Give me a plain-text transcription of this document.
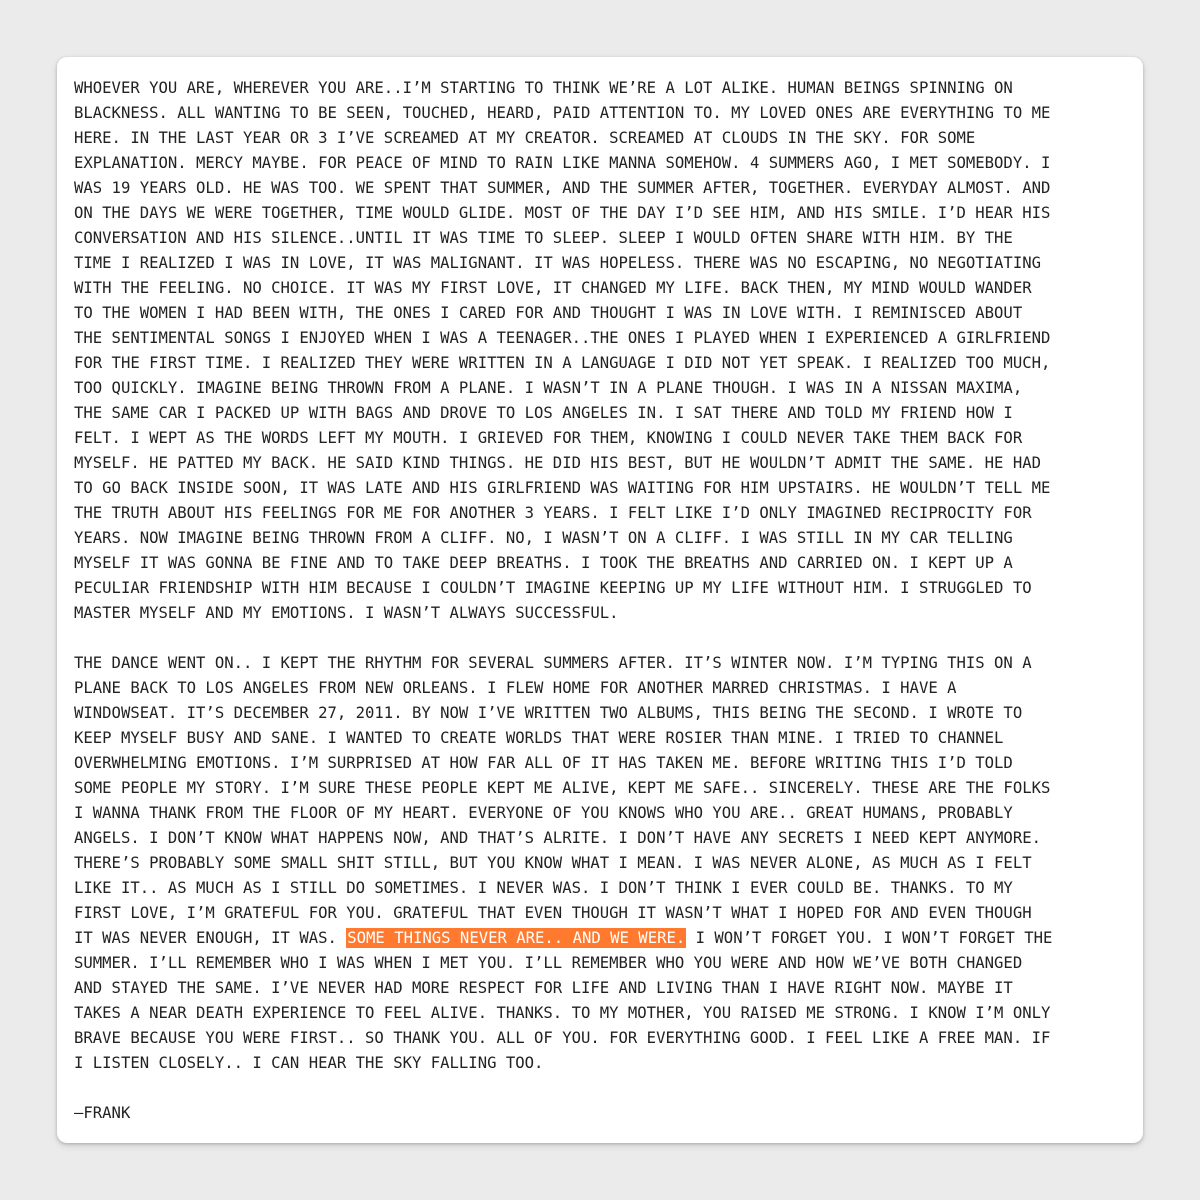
WHOEVER YOU ARE, WHEREVER YOU ARE..I’M STARTING TO THINK WE’RE A LOT ALIKE. HUMAN BEINGS SPINNING ON
BLACKNESS. ALL WANTING TO BE SEEN, TOUCHED, HEARD, PAID ATTENTION TO. MY LOVED ONES ARE EVERYTHING TO ME
HERE. IN THE LAST YEAR OR 3 I’VE SCREAMED AT MY CREATOR. SCREAMED AT CLOUDS IN THE SKY. FOR SOME
EXPLANATION. MERCY MAYBE. FOR PEACE OF MIND TO RAIN LIKE MANNA SOMEHOW. 4 SUMMERS AGO, I MET SOMEBODY. I
WAS 19 YEARS OLD. HE WAS TOO. WE SPENT THAT SUMMER, AND THE SUMMER AFTER, TOGETHER. EVERYDAY ALMOST. AND
ON THE DAYS WE WERE TOGETHER, TIME WOULD GLIDE. MOST OF THE DAY I’D SEE HIM, AND HIS SMILE. I’D HEAR HIS
CONVERSATION AND HIS SILENCE..UNTIL IT WAS TIME TO SLEEP. SLEEP I WOULD OFTEN SHARE WITH HIM. BY THE
TIME I REALIZED I WAS IN LOVE, IT WAS MALIGNANT. IT WAS HOPELESS. THERE WAS NO ESCAPING, NO NEGOTIATING
WITH THE FEELING. NO CHOICE. IT WAS MY FIRST LOVE, IT CHANGED MY LIFE. BACK THEN, MY MIND WOULD WANDER
TO THE WOMEN I HAD BEEN WITH, THE ONES I CARED FOR AND THOUGHT I WAS IN LOVE WITH. I REMINISCED ABOUT
THE SENTIMENTAL SONGS I ENJOYED WHEN I WAS A TEENAGER..THE ONES I PLAYED WHEN I EXPERIENCED A GIRLFRIEND
FOR THE FIRST TIME. I REALIZED THEY WERE WRITTEN IN A LANGUAGE I DID NOT YET SPEAK. I REALIZED TOO MUCH,
TOO QUICKLY. IMAGINE BEING THROWN FROM A PLANE. I WASN’T IN A PLANE THOUGH. I WAS IN A NISSAN MAXIMA,
THE SAME CAR I PACKED UP WITH BAGS AND DROVE TO LOS ANGELES IN. I SAT THERE AND TOLD MY FRIEND HOW I
FELT. I WEPT AS THE WORDS LEFT MY MOUTH. I GRIEVED FOR THEM, KNOWING I COULD NEVER TAKE THEM BACK FOR
MYSELF. HE PATTED MY BACK. HE SAID KIND THINGS. HE DID HIS BEST, BUT HE WOULDN’T ADMIT THE SAME. HE HAD
TO GO BACK INSIDE SOON, IT WAS LATE AND HIS GIRLFRIEND WAS WAITING FOR HIM UPSTAIRS. HE WOULDN’T TELL ME
THE TRUTH ABOUT HIS FEELINGS FOR ME FOR ANOTHER 3 YEARS. I FELT LIKE I’D ONLY IMAGINED RECIPROCITY FOR
YEARS. NOW IMAGINE BEING THROWN FROM A CLIFF. NO, I WASN’T ON A CLIFF. I WAS STILL IN MY CAR TELLING
MYSELF IT WAS GONNA BE FINE AND TO TAKE DEEP BREATHS. I TOOK THE BREATHS AND CARRIED ON. I KEPT UP A
PECULIAR FRIENDSHIP WITH HIM BECAUSE I COULDN’T IMAGINE KEEPING UP MY LIFE WITHOUT HIM. I STRUGGLED TO
MASTER MYSELF AND MY EMOTIONS. I WASN’T ALWAYS SUCCESSFUL.
THE DANCE WENT ON.. I KEPT THE RHYTHM FOR SEVERAL SUMMERS AFTER. IT’S WINTER NOW. I’M TYPING THIS ON A
PLANE BACK TO LOS ANGELES FROM NEW ORLEANS. I FLEW HOME FOR ANOTHER MARRED CHRISTMAS. I HAVE A
WINDOWSEAT. IT’S DECEMBER 27, 2011. BY NOW I’VE WRITTEN TWO ALBUMS, THIS BEING THE SECOND. I WROTE TO
KEEP MYSELF BUSY AND SANE. I WANTED TO CREATE WORLDS THAT WERE ROSIER THAN MINE. I TRIED TO CHANNEL
OVERWHELMING EMOTIONS. I’M SURPRISED AT HOW FAR ALL OF IT HAS TAKEN ME. BEFORE WRITING THIS I’D TOLD
SOME PEOPLE MY STORY. I’M SURE THESE PEOPLE KEPT ME ALIVE, KEPT ME SAFE.. SINCERELY. THESE ARE THE FOLKS
I WANNA THANK FROM THE FLOOR OF MY HEART. EVERYONE OF YOU KNOWS WHO YOU ARE.. GREAT HUMANS, PROBABLY
ANGELS. I DON’T KNOW WHAT HAPPENS NOW, AND THAT’S ALRITE. I DON’T HAVE ANY SECRETS I NEED KEPT ANYMORE.
THERE’S PROBABLY SOME SMALL SHIT STILL, BUT YOU KNOW WHAT I MEAN. I WAS NEVER ALONE, AS MUCH AS I FELT
LIKE IT.. AS MUCH AS I STILL DO SOMETIMES. I NEVER WAS. I DON’T THINK I EVER COULD BE. THANKS. TO MY
FIRST LOVE, I’M GRATEFUL FOR YOU. GRATEFUL THAT EVEN THOUGH IT WASN’T WHAT I HOPED FOR AND EVEN THOUGH
IT WAS NEVER ENOUGH, IT WAS. SOME THINGS NEVER ARE.. AND WE WERE. I WON’T FORGET YOU. I WON’T FORGET THE
SUMMER. I’LL REMEMBER WHO I WAS WHEN I MET YOU. I’LL REMEMBER WHO YOU WERE AND HOW WE’VE BOTH CHANGED
AND STAYED THE SAME. I’VE NEVER HAD MORE RESPECT FOR LIFE AND LIVING THAN I HAVE RIGHT NOW. MAYBE IT
TAKES A NEAR DEATH EXPERIENCE TO FEEL ALIVE. THANKS. TO MY MOTHER, YOU RAISED ME STRONG. I KNOW I’M ONLY
BRAVE BECAUSE YOU WERE FIRST.. SO THANK YOU. ALL OF YOU. FOR EVERYTHING GOOD. I FEEL LIKE A FREE MAN. IF
I LISTEN CLOSELY.. I CAN HEAR THE SKY FALLING TOO.
—FRANK
